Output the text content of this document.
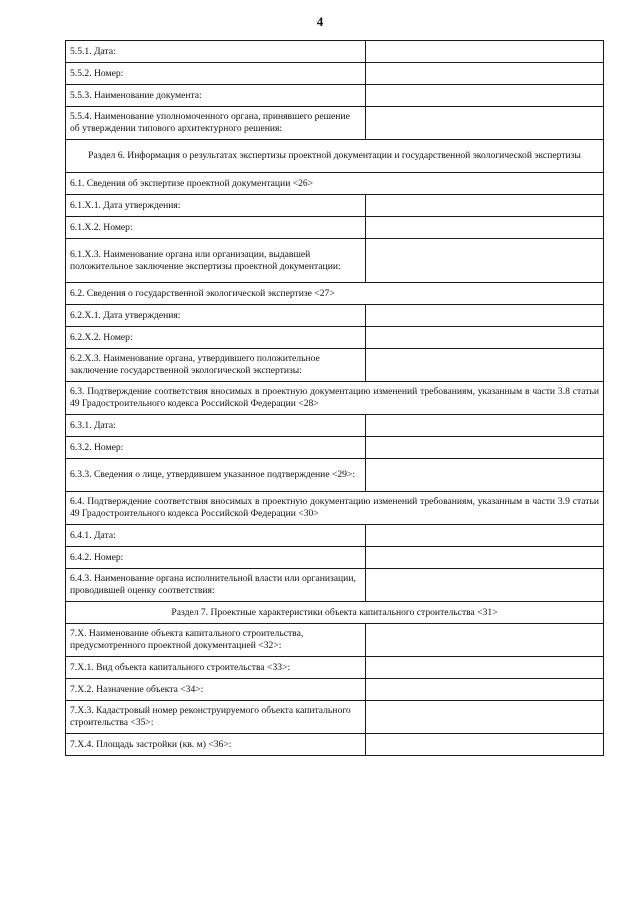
4
5.5.1. Дата:	
5.5.2. Номер:	
5.5.3. Наименование документа:	
5.5.4. Наименование уполномоченного органа, принявшего решение об утверждении типового архитектурного решения:	
Раздел 6. Информация о результатах экспертизы проектной документации и государственной экологической экспертизы	
6.1. Сведения об экспертизе проектной документации <26>	
6.1.X.1. Дата утверждения:	
6.1.X.2. Номер:	
6.1.X.3. Наименование органа или организации, выдавшей положительное заключение экспертизы проектной документации:	
6.2. Сведения о государственной экологической экспертизе <27>	
6.2.X.1. Дата утверждения:	
6.2.X.2. Номер:	
6.2.X.3. Наименование органа, утвердившего положительное заключение государственной экологической экспертизы:	
6.3. Подтверждение соответствия вносимых в проектную документацию изменений требованиям, указанным в части 3.8 статьи 49 Градостроительного кодекса Российской Федерации <28>	
6.3.1. Дата:	
6.3.2. Номер:	
6.3.3. Сведения о лице, утвердившем указанное подтверждение <29>:	
6.4. Подтверждение соответствия вносимых в проектную документацию изменений требованиям, указанным в части 3.9 статьи 49 Градостроительного кодекса Российской Федерации <30>	
6.4.1. Дата:	
6.4.2. Номер:	
6.4.3. Наименование органа исполнительной власти или организации, проводившей оценку соответствия:	
Раздел 7. Проектные характеристики объекта капитального строительства <31>	
7.X. Наименование объекта капитального строительства, предусмотренного проектной документацией <32>:	
7.X.1. Вид объекта капитального строительства <33>:	
7.X.2. Назначение объекта <34>:	
7.X.3. Кадастровый номер реконструируемого объекта капитального строительства <35>:	
7.X.4. Площадь застройки (кв. м) <36>:	
